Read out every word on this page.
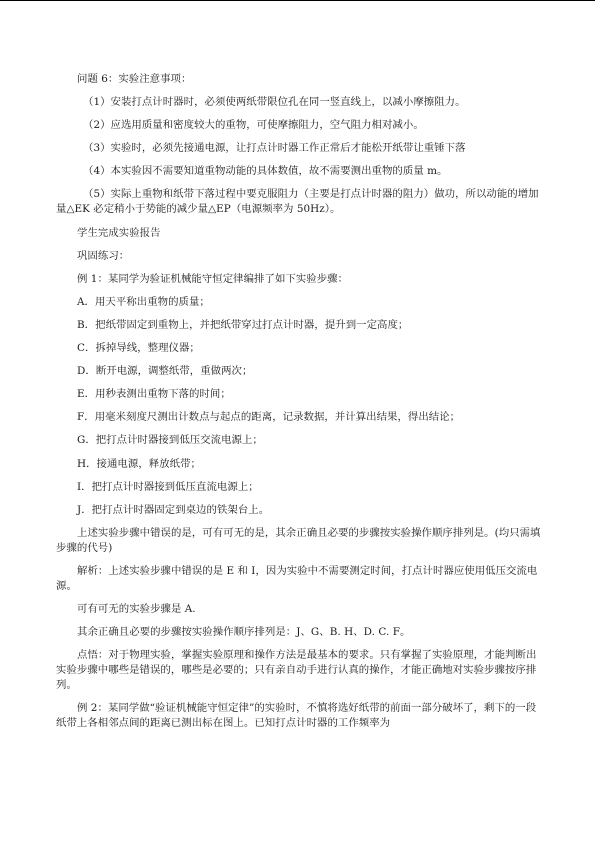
问题 6：实验注意事项：
（1）安装打点计时器时，必须使两纸带限位孔在同一竖直线上，以减小摩擦阻力。
（2）应选用质量和密度较大的重物，可使摩擦阻力，空气阻力相对减小。
（3）实验时，必须先接通电源，让打点计时器工作正常后才能松开纸带让重锤下落
（4）本实验因不需要知道重物动能的具体数值，故不需要测出重物的质量 m。
（5）实际上重物和纸带下落过程中要克服阻力（主要是打点计时器的阻力）做功，所以动能的增加量△EK 必定稍小于势能的减少量△EP（电源频率为 50Hz）。
学生完成实验报告
巩固练习：
例 1：某同学为验证机械能守恒定律编排了如下实验步骤：
A．用天平称出重物的质量；
B．把纸带固定到重物上，并把纸带穿过打点计时器，提升到一定高度；
C．拆掉导线，整理仪器；
D．断开电源，调整纸带，重做两次；
E．用秒表测出重物下落的时间；
F．用毫米刻度尺测出计数点与起点的距离，记录数据，并计算出结果，得出结论；
G．把打点计时器接到低压交流电源上；
H．接通电源，释放纸带；
I．把打点计时器接到低压直流电源上；
J．把打点计时器固定到桌边的铁架台上。
上述实验步骤中错误的是，可有可无的是，其余正确且必要的步骤按实验操作顺序排列是。(均只需填步骤的代号)
解析：上述实验步骤中错误的是 E 和 I，因为实验中不需要测定时间，打点计时器应使用低压交流电源。
可有可无的实验步骤是 A.
其余正确且必要的步骤按实验操作顺序排列是：J、G、B. H、D. C. F。
点悟：对于物理实验，掌握实验原理和操作方法是最基本的要求。只有掌握了实验原理，才能判断出实验步骤中哪些是错误的，哪些是必要的；只有亲自动手进行认真的操作，才能正确地对实验步骤按序排列。
例 2：某同学做“验证机械能守恒定律”的实验时，不慎将选好纸带的前面一部分破坏了，剩下的一段纸带上各相邻点间的距离已测出标在图上。已知打点计时器的工作频率为
